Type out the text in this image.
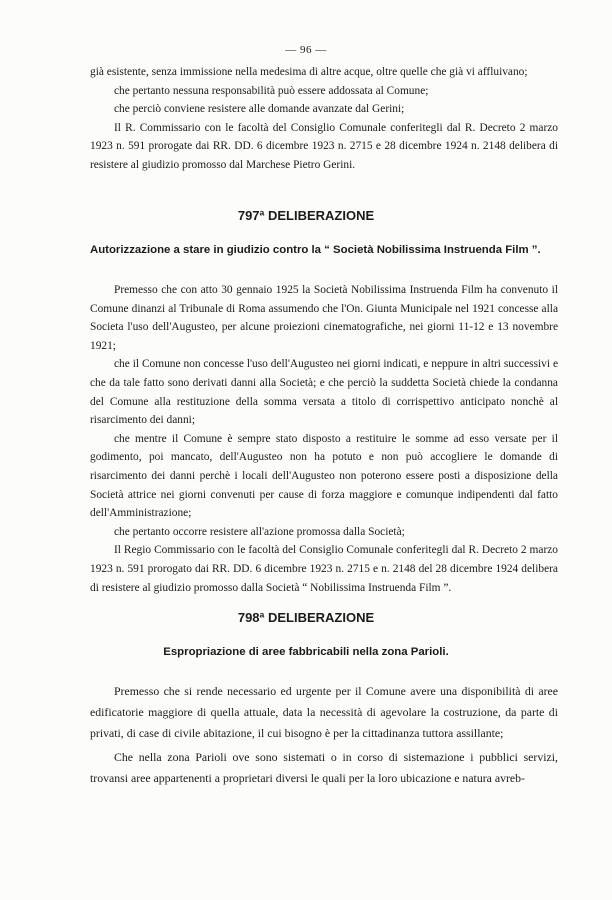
— 96 —

già esistente, senza immissione nella medesima di altre acque, oltre quelle che già vi affluivano;

che pertanto nessuna responsabilità può essere addossata al Comune;

che perciò conviene resistere alle domande avanzate dal Gerini;

Il R. Commissario con le facoltà del Consiglio Comunale conferitegli dal R. Decreto 2 marzo 1923 n. 591 prorogate dai RR. DD. 6 dicembre 1923 n. 2715 e 28 dicembre 1924 n. 2148 delibera di resistere al giudizio promosso dal Marchese Pietro Gerini.

797ª DELIBERAZIONE
Autorizzazione a stare in giudizio contro la “ Società Nobilissima Instruenda Film ”.

Premesso che con atto 30 gennaio 1925 la Società Nobilissima Instruenda Film ha convenuto il Comune dinanzi al Tribunale di Roma assumendo che l'On. Giunta Municipale nel 1921 concesse alla Societa l'uso dell'Augusteo, per alcune proiezioni cinematografiche, nei giorni 11-12 e 13 novembre 1921;

che il Comune non concesse l'uso dell'Augusteo nei giorni indicati, e neppure in altri successivi e che da tale fatto sono derivati danni alla Società; e che perciò la suddetta Società chiede la condanna del Comune alla restituzione della somma versata a titolo di corrispettivo anticipato nonchè al risarcimento dei danni;

che mentre il Comune è sempre stato disposto a restituire le somme ad esso versate per il godimento, poi mancato, dell'Augusteo non ha potuto e non può accogliere le domande di risarcimento dei danni perchè i locali dell'Augusteo non poterono essere posti a disposizione della Società attrice nei giorni convenuti per cause di forza maggiore e comunque indipendenti dal fatto dell'Amministrazione;

che pertanto occorre resistere all'azione promossa dalla Società;

Il Regio Commissario con le facoltà del Consiglio Comunale conferitegli dal R. Decreto 2 marzo 1923 n. 591 prorogato dai RR. DD. 6 dicembre 1923 n. 2715 e n. 2148 del 28 dicembre 1924 delibera di resistere al giudizio promosso dalla Società “ Nobilissima Instruenda Film ”.

798ª DELIBERAZIONE
Espropriazione di aree fabbricabili nella zona Parioli.

Premesso che si rende necessario ed urgente per il Comune avere una disponibilità di aree edificatorie maggiore di quella attuale, data la necessità di agevolare la costruzione, da parte di privati, di case di civile abitazione, il cui bisogno è per la cittadinanza tuttora assillante;

Che nella zona Parioli ove sono sistemati o in corso di sistemazione i pubblici servizi, trovansi aree appartenenti a proprietari diversi le quali per la loro ubicazione e natura avreb-
